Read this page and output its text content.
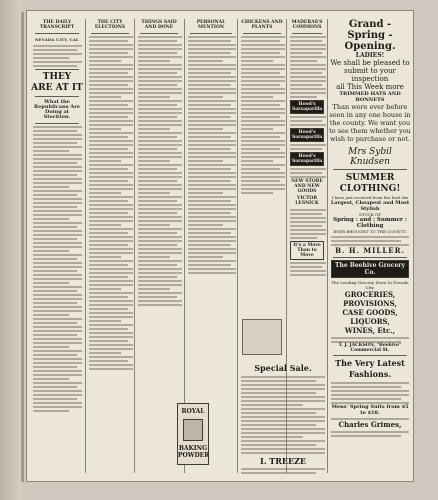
THE DAILY TRANSCRIPT
NEVADA CITY, CAL
THEY ARE AT IT
What the Republicans Are Doing at Stockton.
THE CITY ELECTIONS
THINGS SAID AND DONE
PERSONAL MENTION
CHICKENS AND PLANTS
MADERAS'S COMMONS
Hood's Sarsaparilla
Hood's Sarsaparilla
Hood's Sarsaparilla
NEW STORE AND NEW GOODS
VICTOR LESNICK
It's a Move Than to Move
Grand - Spring - Opening.
LADIES!
We shall be pleased to
submit to your inspection
all This Week more
TRIMMED HATS AND BONNETS
Than were ever before seen in any one house in the county. We want you to see them whether you wish to purchase or not.
Mrs Sybil Knudsen
SUMMER CLOTHING!
I have just received from the East the
Largest, Cheapest and Most Stylish
STOCK OF
Spring : and : Summer : Clothing
EVER BROUGHT TO THE COUNTY.
B. H. MILLER.
The Beehive Grocery Co.
The Leading Grocery Store In Nevada City.
GROCERIES,
PROVISIONS,
CASE GOODS,
LIQUORS,
WINES, Etc.,
T. J. JACKSON, "Beehive" Commercial St.
The Very Latest Fashions.
Mens' Spring Suits from $5 to $18.
Charles Grimes,
ROYAL
BAKING
POWDER
Special Sale.
I. TREEZE
